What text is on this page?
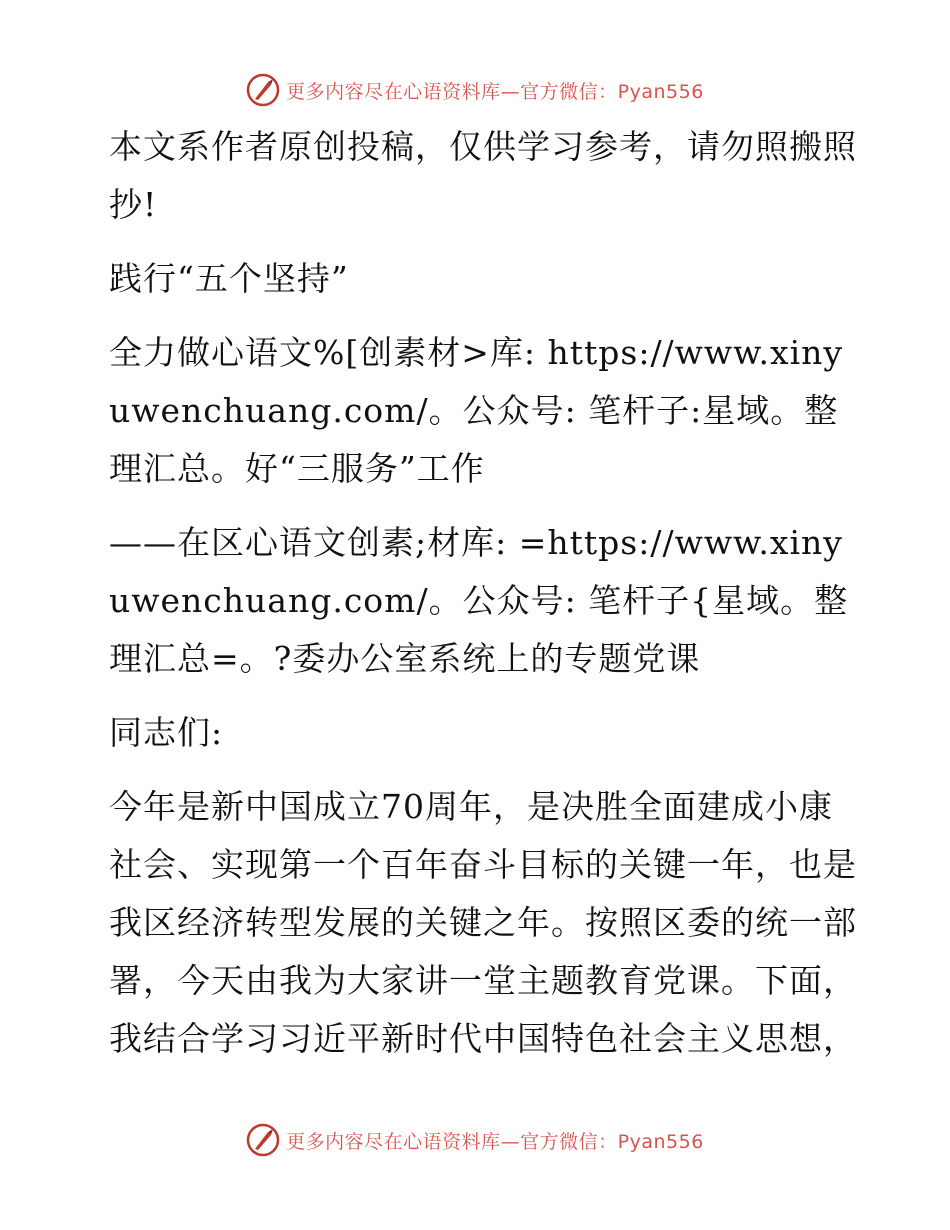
更多内容尽在心语资料库—官方微信：Pyan556

本文系作者原创投稿，仅供学习参考，请勿照搬照抄!

践行“五个坚持”

全力做心语文%[创素材>库: https://www.xinyuwenchuang.com/。公众号: 笔杆子:星域。整理汇总。好“三服务”工作

——在区心语文创素;材库: =https://www.xinyuwenchuang.com/。公众号: 笔杆子{星域。整理汇总=。?委办公室系统上的专题党课

同志们:

今年是新中国成立70周年，是决胜全面建成小康社会、实现第一个百年奋斗目标的关键一年，也是我区经济转型发展的关键之年。按照区委的统一部署，今天由我为大家讲一堂主题教育党课。下面，我结合学习习近平新时代中国特色社会主义思想，

更多内容尽在心语资料库—官方微信：Pyan556
